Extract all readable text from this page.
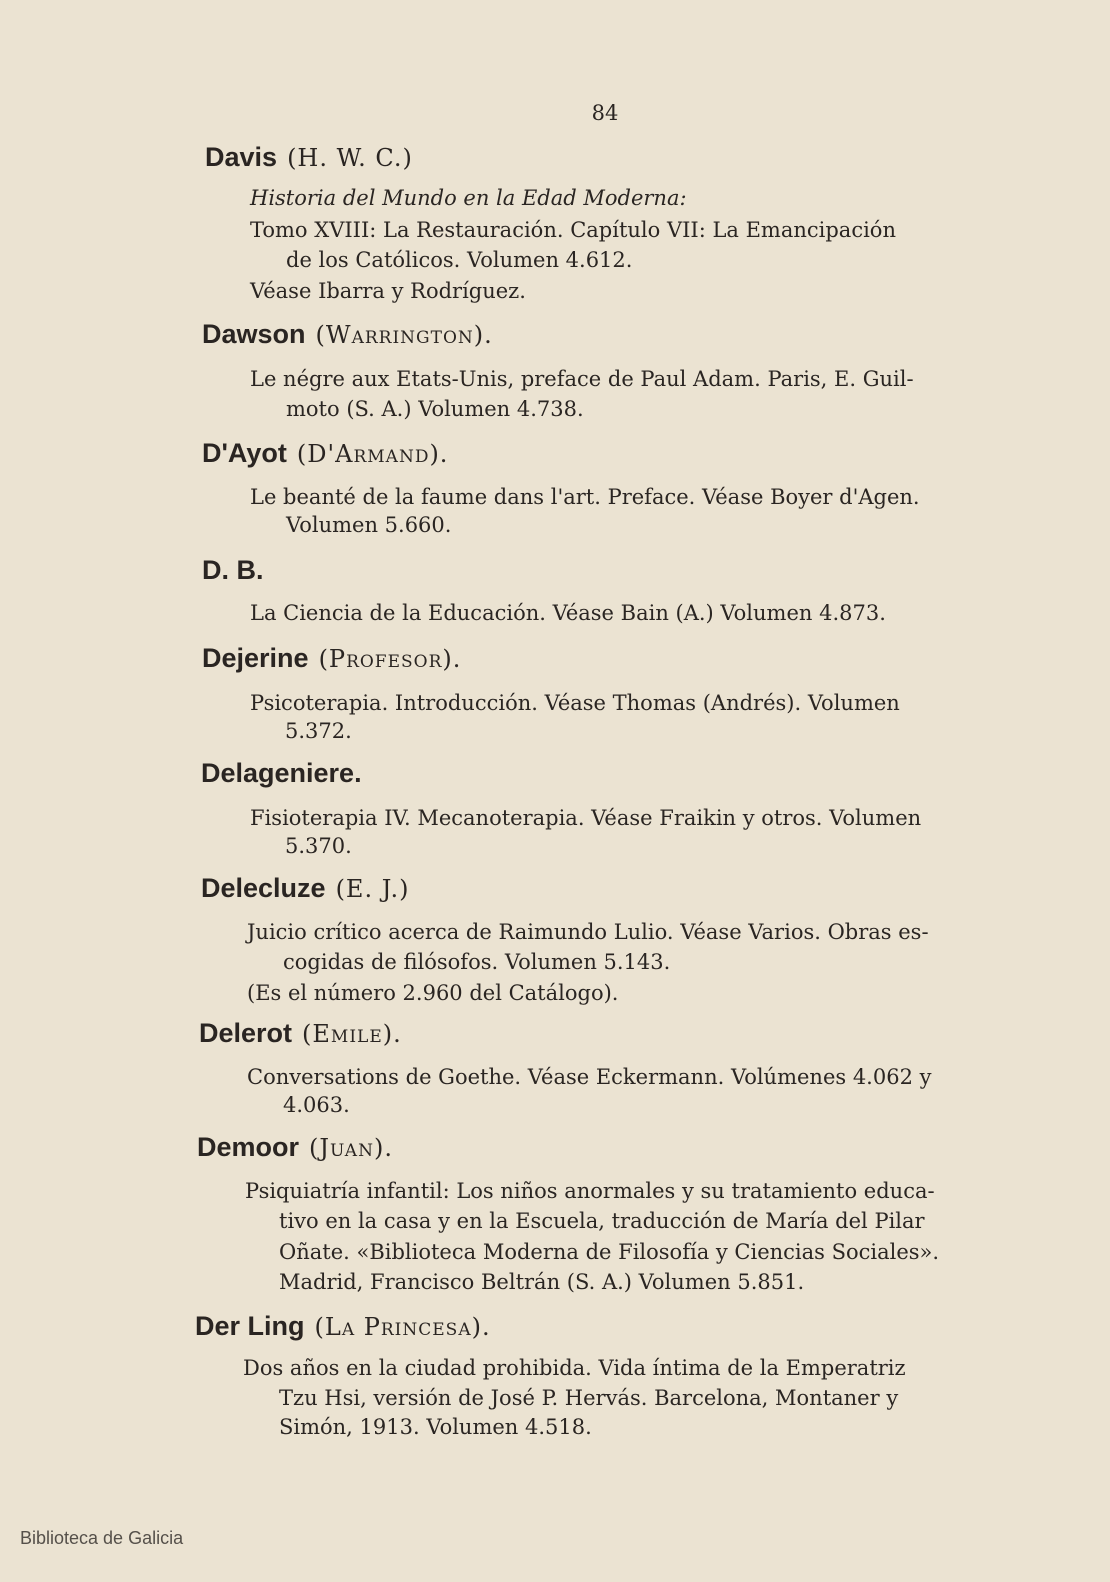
84
Davis (H. W. C.)
Historia del Mundo en la Edad Moderna:
Tomo XVIII: La Restauración. Capítulo VII: La Emancipación
de los Católicos. Volumen 4.612.
Véase Ibarra y Rodríguez.
Dawson (Warrington).
Le négre aux Etats-Unis, preface de Paul Adam. Paris, E. Guil-
moto (S. A.) Volumen 4.738.
D'Ayot (D'Armand).
Le beanté de la faume dans l'art. Preface. Véase Boyer d'Agen.
Volumen 5.660.
D. B.
La Ciencia de la Educación. Véase Bain (A.) Volumen 4.873.
Dejerine (Profesor).
Psicoterapia. Introducción. Véase Thomas (Andrés). Volumen
5.372.
Delageniere.
Fisioterapia IV. Mecanoterapia. Véase Fraikin y otros. Volumen
5.370.
Delecluze (E. J.)
Juicio crítico acerca de Raimundo Lulio. Véase Varios. Obras es-
cogidas de filósofos. Volumen 5.143.
(Es el número 2.960 del Catálogo).
Delerot (Emile).
Conversations de Goethe. Véase Eckermann. Volúmenes 4.062 y
4.063.
Demoor (Juan).
Psiquiatría infantil: Los niños anormales y su tratamiento educa-
tivo en la casa y en la Escuela, traducción de María del Pilar
Oñate. «Biblioteca Moderna de Filosofía y Ciencias Sociales».
Madrid, Francisco Beltrán (S. A.) Volumen 5.851.
Der Ling (La Princesa).
Dos años en la ciudad prohibida. Vida íntima de la Emperatriz
Tzu Hsi, versión de José P. Hervás. Barcelona, Montaner y
Simón, 1913. Volumen 4.518.
Biblioteca de Galicia
